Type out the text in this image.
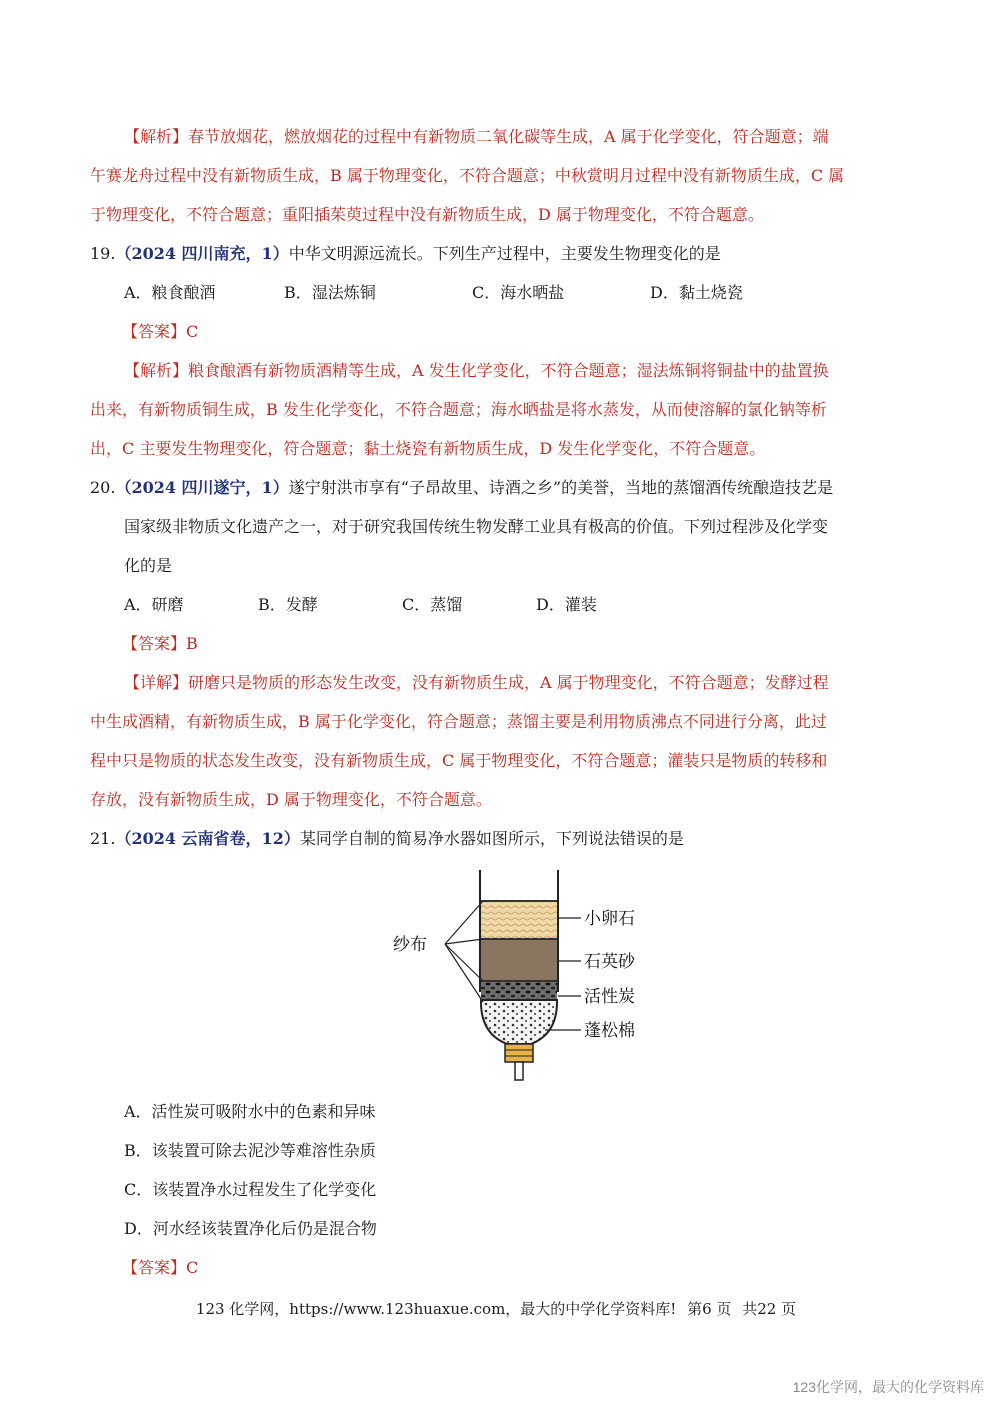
【解析】春节放烟花，燃放烟花的过程中有新物质二氧化碳等生成，A 属于化学变化，符合题意；端
午赛龙舟过程中没有新物质生成，B 属于物理变化，不符合题意；中秋赏明月过程中没有新物质生成，C 属
于物理变化，不符合题意；重阳插茱萸过程中没有新物质生成，D 属于物理变化，不符合题意。
19.（2024 四川南充，1）中华文明源远流长。下列生产过程中，主要发生物理变化的是
A．粮食酿酒	B．湿法炼铜	C．海水晒盐	D．黏土烧瓷
【答案】C
【解析】粮食酿酒有新物质酒精等生成，A 发生化学变化，不符合题意；湿法炼铜将铜盐中的盐置换
出来，有新物质铜生成，B 发生化学变化，不符合题意；海水晒盐是将水蒸发，从而使溶解的氯化钠等析
出，C 主要发生物理变化，符合题意；黏土烧瓷有新物质生成，D 发生化学变化，不符合题意。
20.（2024 四川遂宁，1）遂宁射洪市享有“子昂故里、诗酒之乡”的美誉，当地的蒸馏酒传统酿造技艺是
国家级非物质文化遗产之一，对于研究我国传统生物发酵工业具有极高的价值。下列过程涉及化学变
化的是
A．研磨	B．发酵	C．蒸馏	D．灌装
【答案】B
【详解】研磨只是物质的形态发生改变，没有新物质生成，A 属于物理变化，不符合题意；发酵过程
中生成酒精，有新物质生成，B 属于化学变化，符合题意；蒸馏主要是利用物质沸点不同进行分离，此过
程中只是物质的状态发生改变，没有新物质生成，C 属于物理变化，不符合题意；灌装只是物质的转移和
存放，没有新物质生成，D 属于物理变化，不符合题意。
21.（2024 云南省卷，12）某同学自制的简易净水器如图所示，下列说法错误的是
纱布
小卵石
石英砂
活性炭
蓬松棉
A．活性炭可吸附水中的色素和异味
B．该装置可除去泥沙等难溶性杂质
C．该装置净水过程发生了化学变化
D．河水经该装置净化后仍是混合物
【答案】C
123 化学网，https://www.123huaxue.com，最大的中学化学资料库! 第6 页 共22 页
123化学网，最大的化学资料库
